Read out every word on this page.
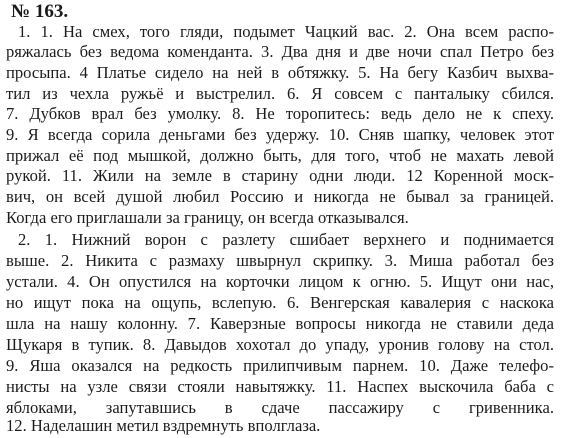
№ 163.
1. 1. На смех, того гляди, подымет Чацкий вас. 2. Она всем распо-
ряжалась без ведома коменданта. 3. Два дня и две ночи спал Петро без
просыпа. 4 Платье сидело на ней в обтяжку. 5. На бегу Казбич выхва-
тил из чехла ружьё и выстрелил. 6. Я совсем с панталыку сбился.
7. Дубков врал без умолку. 8. Не торопитесь: ведь дело не к спеху.
9. Я всегда сорила деньгами без удержу. 10. Сняв шапку, человек этот
прижал её под мышкой, должно быть, для того, чтоб не махать левой
рукой. 11. Жили на земле в старину одни люди. 12 Коренной моск-
вич, он всей душой любил Россию и никогда не бывал за границей.
Когда его приглашали за границу, он всегда отказывался.
2. 1. Нижний ворон с разлету сшибает верхнего и поднимается
выше. 2. Никита с размаху швырнул скрипку. 3. Миша работал без
устали. 4. Он опустился на корточки лицом к огню. 5. Ищут они нас,
но ищут пока на ощупь, вслепую. 6. Венгерская кавалерия с наскока
шла на нашу колонну. 7. Каверзные вопросы никогда не ставили деда
Щукаря в тупик. 8. Давыдов хохотал до упаду, уронив голову на стол.
9. Яша оказался на редкость прилипчивым парнем. 10. Даже телефо-
нисты на узле связи стояли навытяжку. 11. Наспех выскочила баба с
яблоками, запутавшись в сдаче пассажиру с гривенника.
12. Наделашин метил вздремнуть вполглаза.
